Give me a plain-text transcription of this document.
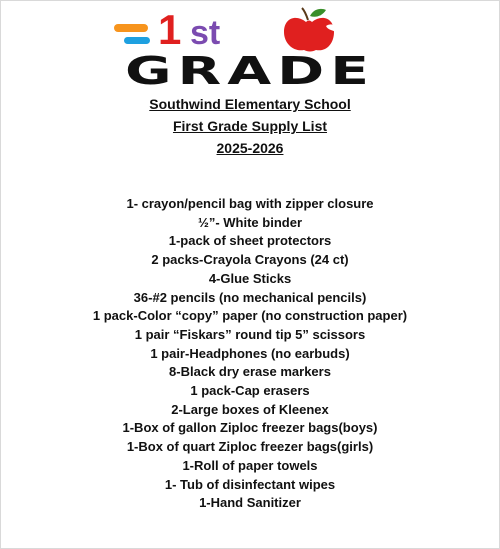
1 st
GRADE
Southwind Elementary School
First Grade Supply List
2025-2026
1- crayon/pencil bag with zipper closure
½”- White binder
1-pack of sheet protectors
2 packs-Crayola Crayons (24 ct)
4-Glue Sticks
36-#2 pencils (no mechanical pencils)
1 pack-Color “copy” paper (no construction paper)
1 pair “Fiskars” round tip 5” scissors
1 pair-Headphones (no earbuds)
8-Black dry erase markers
1 pack-Cap erasers
2-Large boxes of Kleenex
1-Box of gallon Ziploc freezer bags(boys)
1-Box of quart Ziploc freezer bags(girls)
1-Roll of paper towels
1- Tub of disinfectant wipes
1-Hand Sanitizer
